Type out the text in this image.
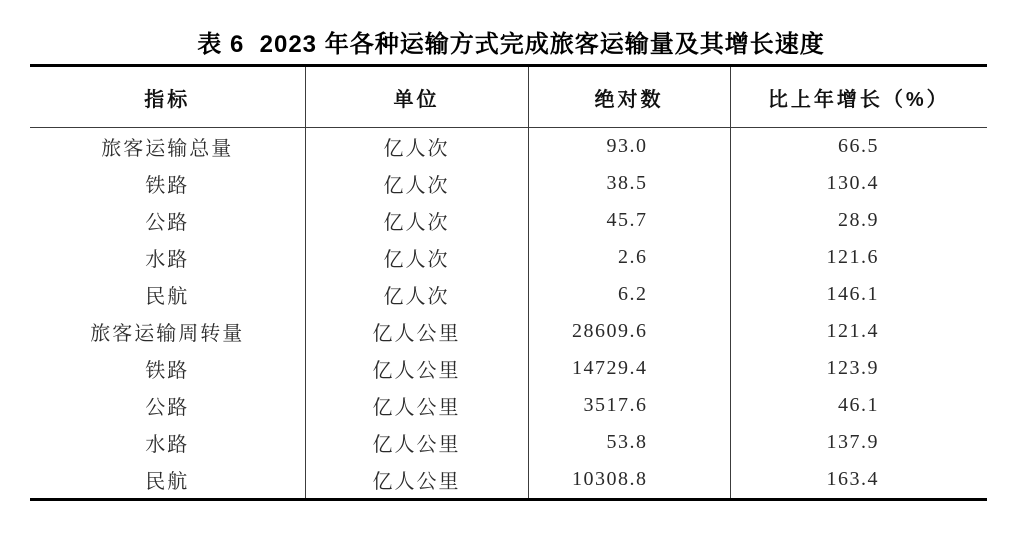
表 6  2023 年各种运输方式完成旅客运输量及其增长速度
指标	单位	绝对数	比上年增长（%）
旅客运输总量	亿人次	93.0	66.5
铁路	亿人次	38.5	130.4
公路	亿人次	45.7	28.9
水路	亿人次	2.6	121.6
民航	亿人次	6.2	146.1
旅客运输周转量	亿人公里	28609.6	121.4
铁路	亿人公里	14729.4	123.9
公路	亿人公里	3517.6	46.1
水路	亿人公里	53.8	137.9
民航	亿人公里	10308.8	163.4
